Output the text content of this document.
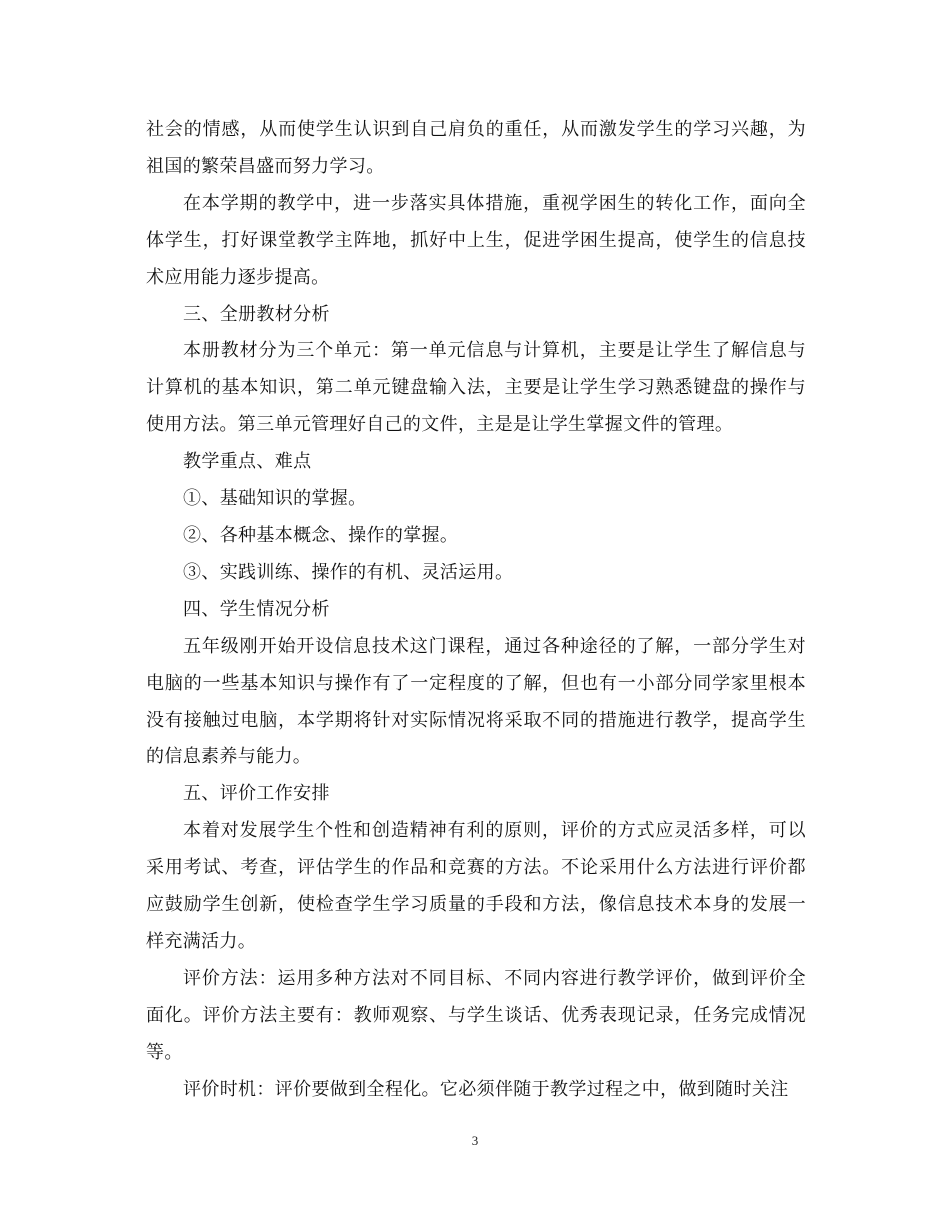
社会的情感，从而使学生认识到自己肩负的重任，从而激发学生的学习兴趣，为祖国的繁荣昌盛而努力学习。

在本学期的教学中，进一步落实具体措施，重视学困生的转化工作，面向全体学生，打好课堂教学主阵地，抓好中上生，促进学困生提高，使学生的信息技术应用能力逐步提高。

三、全册教材分析

本册教材分为三个单元：第一单元信息与计算机，主要是让学生了解信息与计算机的基本知识，第二单元键盘输入法，主要是让学生学习熟悉键盘的操作与使用方法。第三单元管理好自己的文件，主是是让学生掌握文件的管理。

教学重点、难点

①、基础知识的掌握。

②、各种基本概念、操作的掌握。

③、实践训练、操作的有机、灵活运用。

四、学生情况分析

五年级刚开始开设信息技术这门课程，通过各种途径的了解，一部分学生对电脑的一些基本知识与操作有了一定程度的了解，但也有一小部分同学家里根本没有接触过电脑，本学期将针对实际情况将采取不同的措施进行教学，提高学生的信息素养与能力。

五、评价工作安排

本着对发展学生个性和创造精神有利的原则，评价的方式应灵活多样，可以采用考试、考查，评估学生的作品和竞赛的方法。不论采用什么方法进行评价都应鼓励学生创新，使检查学生学习质量的手段和方法，像信息技术本身的发展一样充满活力。

评价方法：运用多种方法对不同目标、不同内容进行教学评价，做到评价全面化。评价方法主要有：教师观察、与学生谈话、优秀表现记录，任务完成情况等。

评价时机：评价要做到全程化。它必须伴随于教学过程之中，做到随时关注

3
